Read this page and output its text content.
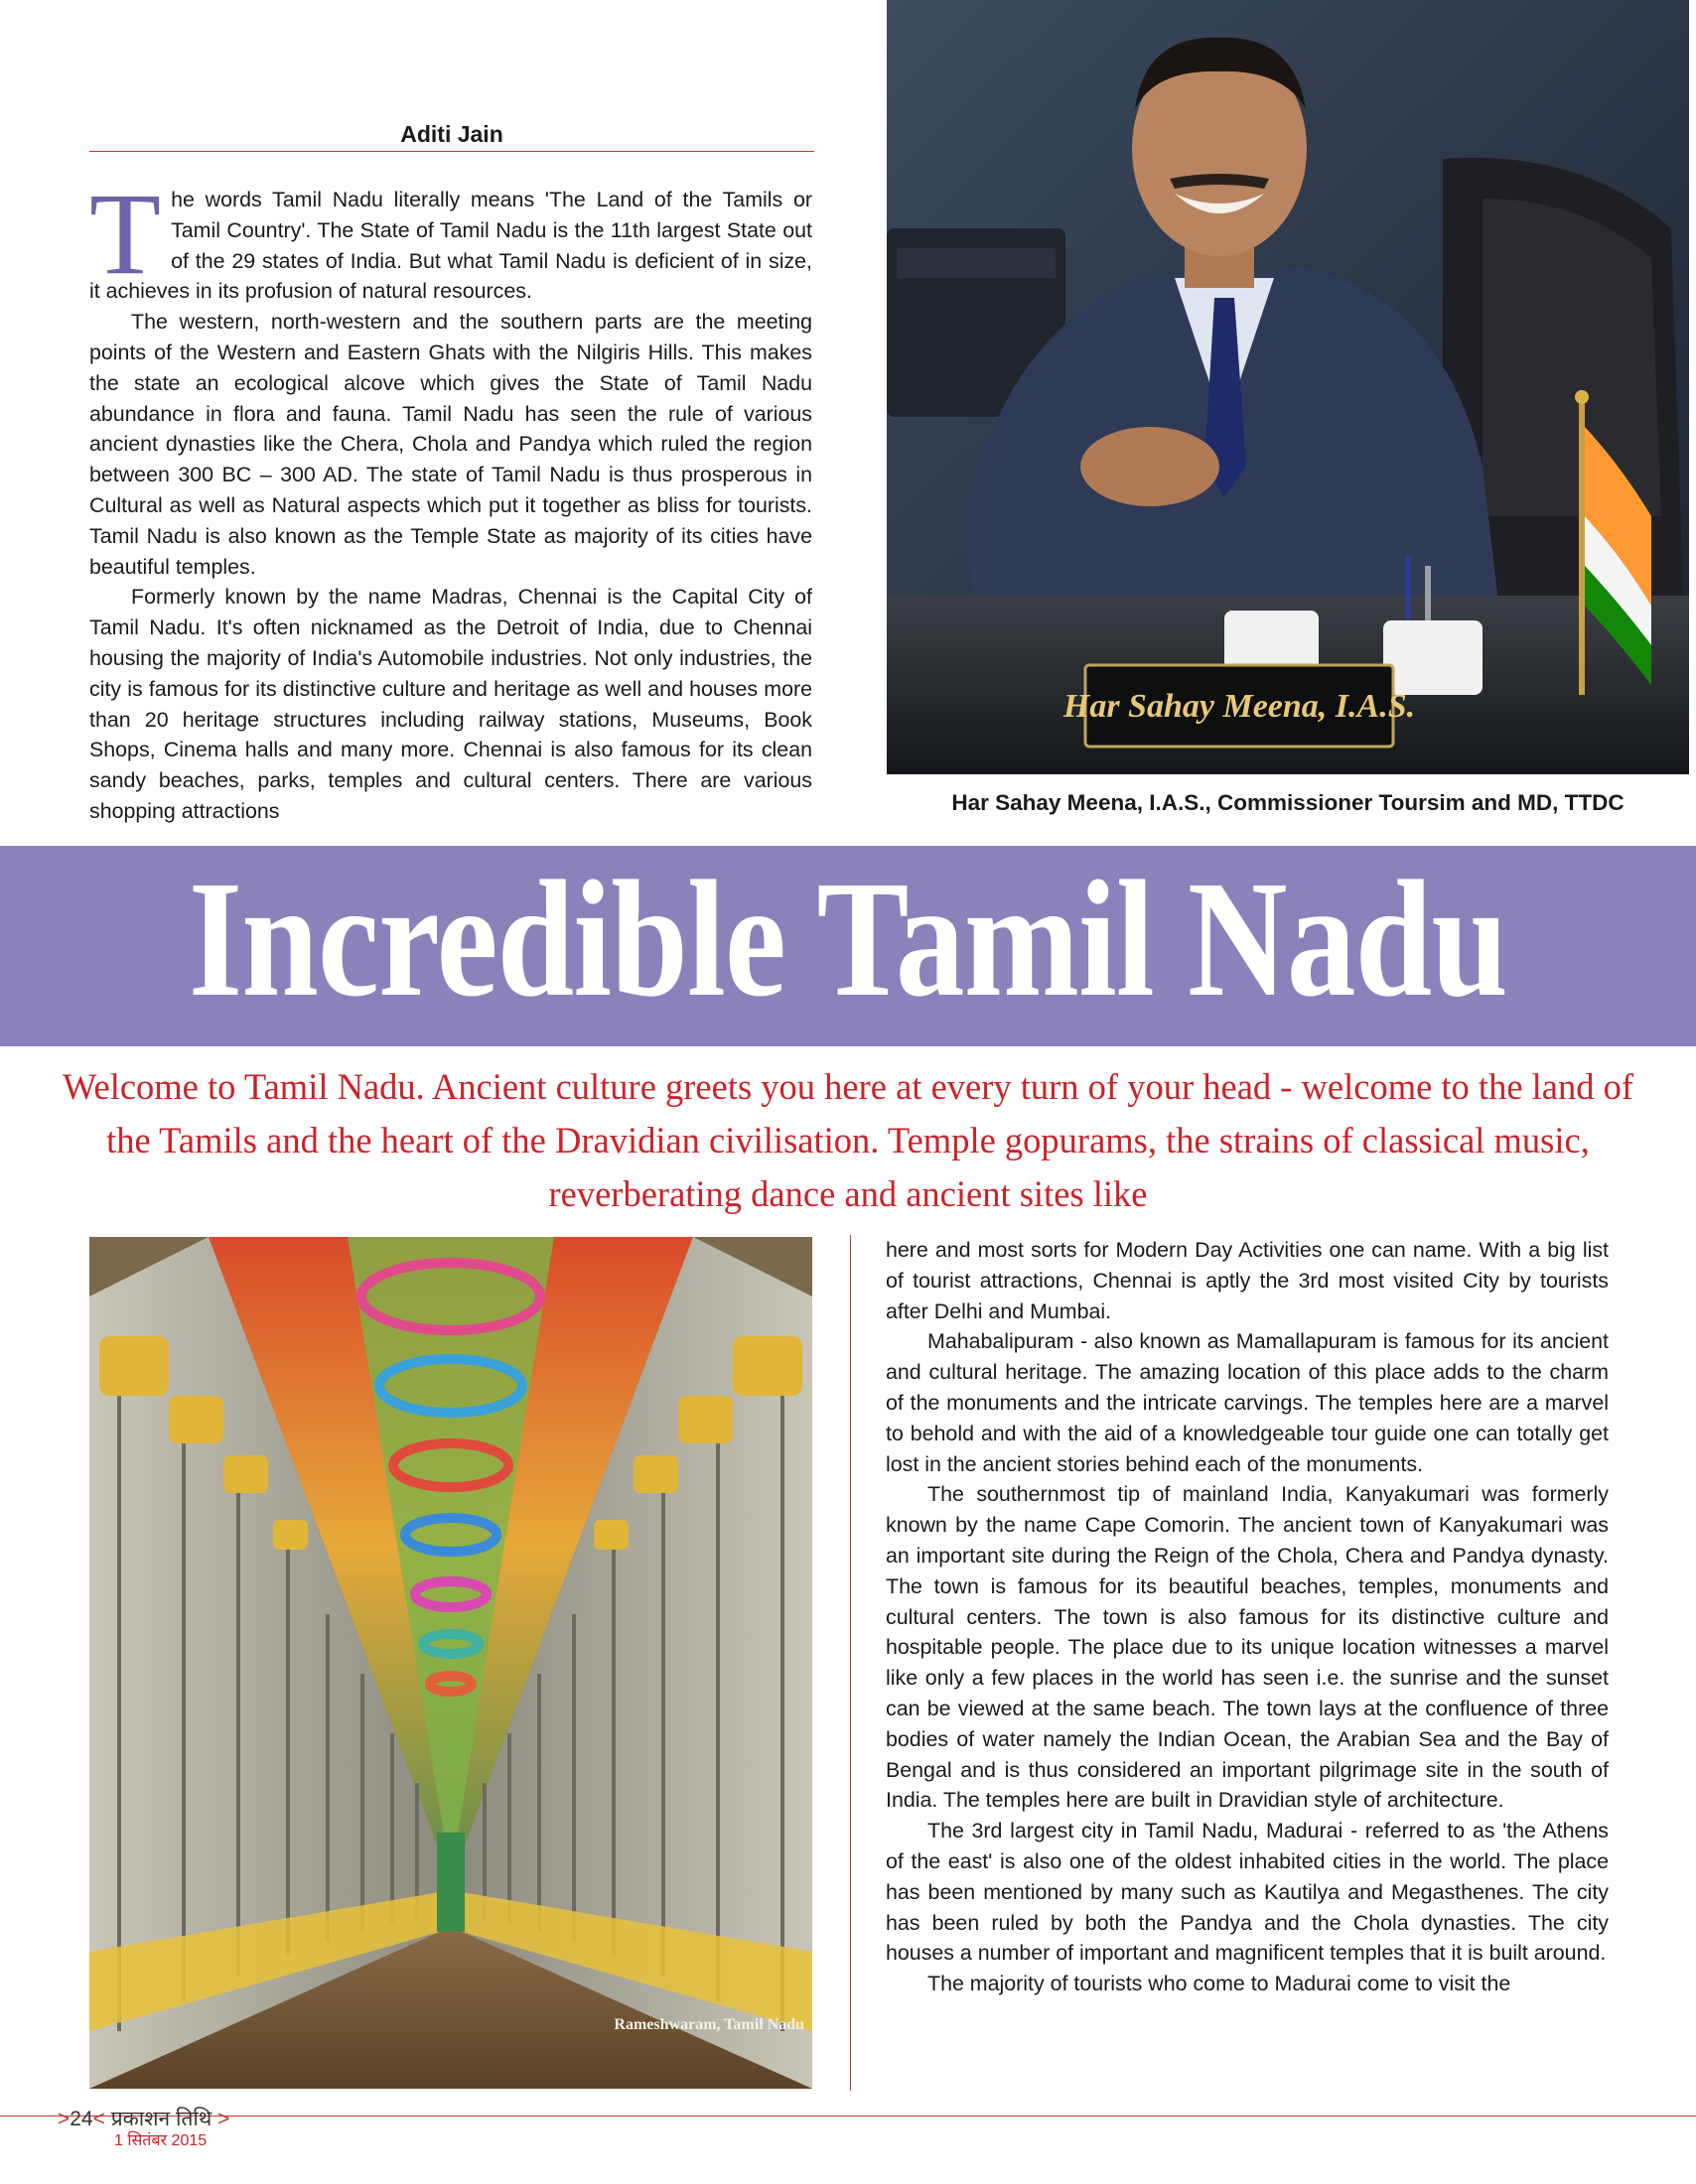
Aditi Jain

The words Tamil Nadu literally means 'The Land of the Tamils or Tamil Country'. The State of Tamil Nadu is the 11th largest State out of the 29 states of India. But what Tamil Nadu is deficient of in size, it achieves in its profusion of natural resources.

The western, north-western and the southern parts are the meeting points of the Western and Eastern Ghats with the Nilgiris Hills. This makes the state an ecological alcove which gives the State of Tamil Nadu abundance in flora and fauna. Tamil Nadu has seen the rule of various ancient dynasties like the Chera, Chola and Pandya which ruled the region between 300 BC – 300 AD. The state of Tamil Nadu is thus prosperous in Cultural as well as Natural aspects which put it together as bliss for tourists. Tamil Nadu is also known as the Temple State as majority of its cities have beautiful temples.

Formerly known by the name Madras, Chennai is the Capital City of Tamil Nadu. It's often nicknamed as the Detroit of India, due to Chennai housing the majority of India's Automobile industries. Not only industries, the city is famous for its distinctive culture and heritage as well and houses more than 20 heritage structures including railway stations, Museums, Book Shops, Cinema halls and many more. Chennai is also famous for its clean sandy beaches, parks, temples and cultural centers. There are various shopping attractions

Har Sahay Meena, I.A.S.
Har Sahay Meena, I.A.S., Commissioner Toursim and MD, TTDC
Incredible Tamil Nadu
Welcome to Tamil Nadu. Ancient culture greets you here at every turn of your head - welcome to the land of the Tamils and the heart of the Dravidian civilisation. Temple gopurams, the strains of classical music, reverberating dance and ancient sites like
Rameshwaram, Tamil Nadu

here and most sorts for Modern Day Activities one can name. With a big list of tourist attractions, Chennai is aptly the 3rd most visited City by tourists after Delhi and Mumbai.

Mahabalipuram - also known as Mamallapuram is famous for its ancient and cultural heritage. The amazing location of this place adds to the charm of the monuments and the intricate carvings. The temples here are a marvel to behold and with the aid of a knowledgeable tour guide one can totally get lost in the ancient stories behind each of the monuments.

The southernmost tip of mainland India, Kanyakumari was formerly known by the name Cape Comorin. The ancient town of Kanyakumari was an important site during the Reign of the Chola, Chera and Pandya dynasty. The town is famous for its beautiful beaches, temples, monuments and cultural centers. The town is also famous for its distinctive culture and hospitable people. The place due to its unique location witnesses a marvel like only a few places in the world has seen i.e. the sunrise and the sunset can be viewed at the same beach. The town lays at the confluence of three bodies of water namely the Indian Ocean, the Arabian Sea and the Bay of Bengal and is thus considered an important pilgrimage site in the south of India. The temples here are built in Dravidian style of architecture.

The 3rd largest city in Tamil Nadu, Madurai - referred to as 'the Athens of the east' is also one of the oldest inhabited cities in the world. The place has been mentioned by many such as Kautilya and Megasthenes. The city has been ruled by both the Pandya and the Chola dynasties. The city houses a number of important and magnificent temples that it is built around.

The majority of tourists who come to Madurai come to visit the

>24< प्रकाशन तिथि >
1 सितंबर 2015
